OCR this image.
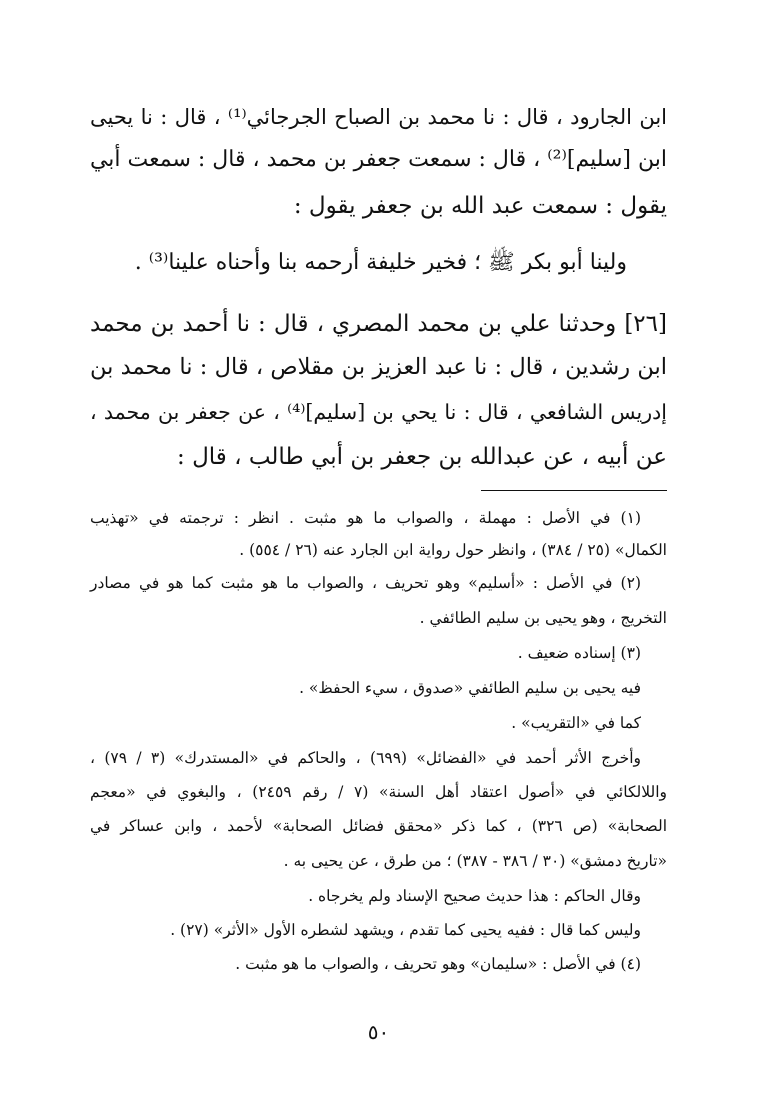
ابن الجارود ، قال : نا محمد بن الصباح الجرجائي⁽¹⁾ ، قال : نا يحيى
ابن [سليم]⁽²⁾ ، قال : سمعت جعفر بن محمد ، قال : سمعت أبي
يقول : سمعت عبد الله بن جعفر يقول :
ولينا أبو بكر ﷺ ؛ فخير خليفة أرحمه بنا وأحناه علينا⁽³⁾ .
[٢٦] وحدثنا علي بن محمد المصري ، قال : نا أحمد بن محمد
ابن رشدين ، قال : نا عبد العزيز بن مقلاص ، قال : نا محمد بن
إدريس الشافعي ، قال : نا يحي بن [سليم]⁽⁴⁾ ، عن جعفر بن محمد ،
عن أبيه ، عن عبدالله بن جعفر بن أبي طالب ، قال :
(١) في الأصل : مهملة ، والصواب ما هو مثبت . انظر : ترجمته في «تهذيب
الكمال» (٢٥ / ٣٨٤) ، وانظر حول رواية ابن الجارد عنه (٢٦ / ٥٥٤) .
(٢) في الأصل : «أسليم» وهو تحريف ، والصواب ما هو مثبت كما هو في مصادر
التخريج ، وهو يحيى بن سليم الطائفي .
(٣) إسناده ضعيف .
فيه يحيى بن سليم الطائفي «صدوق ، سيء الحفظ» .
كما في «التقريب» .
وأخرج الأثر أحمد في «الفضائل» (٦٩٩) ، والحاكم في «المستدرك» (٣ / ٧٩) ،
واللالكائي في «أصول اعتقاد أهل السنة» (٧ / رقم ٢٤٥٩) ، والبغوي في «معجم
الصحابة» (ص ٣٢٦) ، كما ذكر «محقق فضائل الصحابة» لأحمد ، وابن عساكر في
«تاريخ دمشق» (٣٠ / ٣٨٦ - ٣٨٧) ؛ من طرق ، عن يحيى به .
وقال الحاكم : هذا حديث صحيح الإسناد ولم يخرجاه .
وليس كما قال : ففيه يحيى كما تقدم ، ويشهد لشطره الأول «الأثر» (٢٧) .
(٤) في الأصل : «سليمان» وهو تحريف ، والصواب ما هو مثبت .
٥٠
